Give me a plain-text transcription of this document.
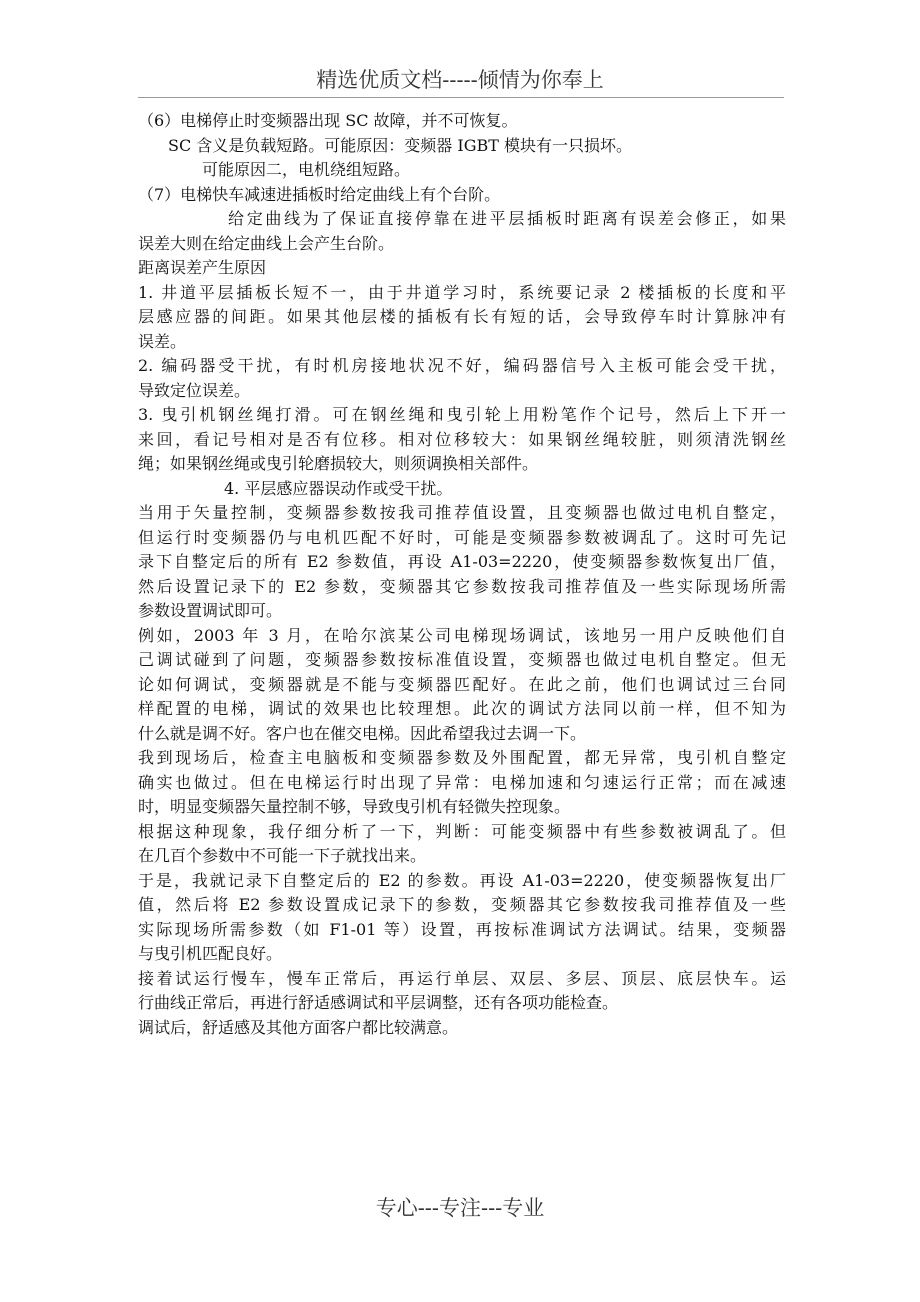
精选优质文档-----倾情为你奉上
（6）电梯停止时变频器出现 SC 故障，并不可恢复。
SC 含义是负载短路。可能原因：变频器 IGBT 模块有一只损坏。
可能原因二，电机绕组短路。
（7）电梯快车减速进插板时给定曲线上有个台阶。
给定曲线为了保证直接停靠在进平层插板时距离有误差会修正，如果
误差大则在给定曲线上会产生台阶。
距离误差产生原因
1. 井道平层插板长短不一，由于井道学习时，系统要记录 2 楼插板的长度和平
层感应器的间距。如果其他层楼的插板有长有短的话，会导致停车时计算脉冲有
误差。
2. 编码器受干扰，有时机房接地状况不好，编码器信号入主板可能会受干扰，
导致定位误差。
3. 曳引机钢丝绳打滑。可在钢丝绳和曳引轮上用粉笔作个记号，然后上下开一
来回，看记号相对是否有位移。相对位移较大：如果钢丝绳较脏，则须清洗钢丝
绳；如果钢丝绳或曳引轮磨损较大，则须调换相关部件。
4. 平层感应器误动作或受干扰。
当用于矢量控制，变频器参数按我司推荐值设置，且变频器也做过电机自整定，
但运行时变频器仍与电机匹配不好时，可能是变频器参数被调乱了。这时可先记
录下自整定后的所有 E2 参数值，再设 A1-03=2220，使变频器参数恢复出厂值，
然后设置记录下的 E2 参数，变频器其它参数按我司推荐值及一些实际现场所需
参数设置调试即可。
例如，2003 年 3 月，在哈尔滨某公司电梯现场调试，该地另一用户反映他们自
己调试碰到了问题，变频器参数按标准值设置，变频器也做过电机自整定。但无
论如何调试，变频器就是不能与变频器匹配好。在此之前，他们也调试过三台同
样配置的电梯，调试的效果也比较理想。此次的调试方法同以前一样，但不知为
什么就是调不好。客户也在催交电梯。因此希望我过去调一下。
我到现场后，检查主电脑板和变频器参数及外围配置，都无异常，曳引机自整定
确实也做过。但在电梯运行时出现了异常：电梯加速和匀速运行正常；而在减速
时，明显变频器矢量控制不够，导致曳引机有轻微失控现象。
根据这种现象，我仔细分析了一下，判断：可能变频器中有些参数被调乱了。但
在几百个参数中不可能一下子就找出来。
于是，我就记录下自整定后的 E2 的参数。再设 A1-03=2220，使变频器恢复出厂
值，然后将 E2 参数设置成记录下的参数，变频器其它参数按我司推荐值及一些
实际现场所需参数（如 F1-01 等）设置，再按标准调试方法调试。结果，变频器
与曳引机匹配良好。
接着试运行慢车，慢车正常后，再运行单层、双层、多层、顶层、底层快车。运
行曲线正常后，再进行舒适感调试和平层调整，还有各项功能检查。
调试后，舒适感及其他方面客户都比较满意。
专心---专注---专业
